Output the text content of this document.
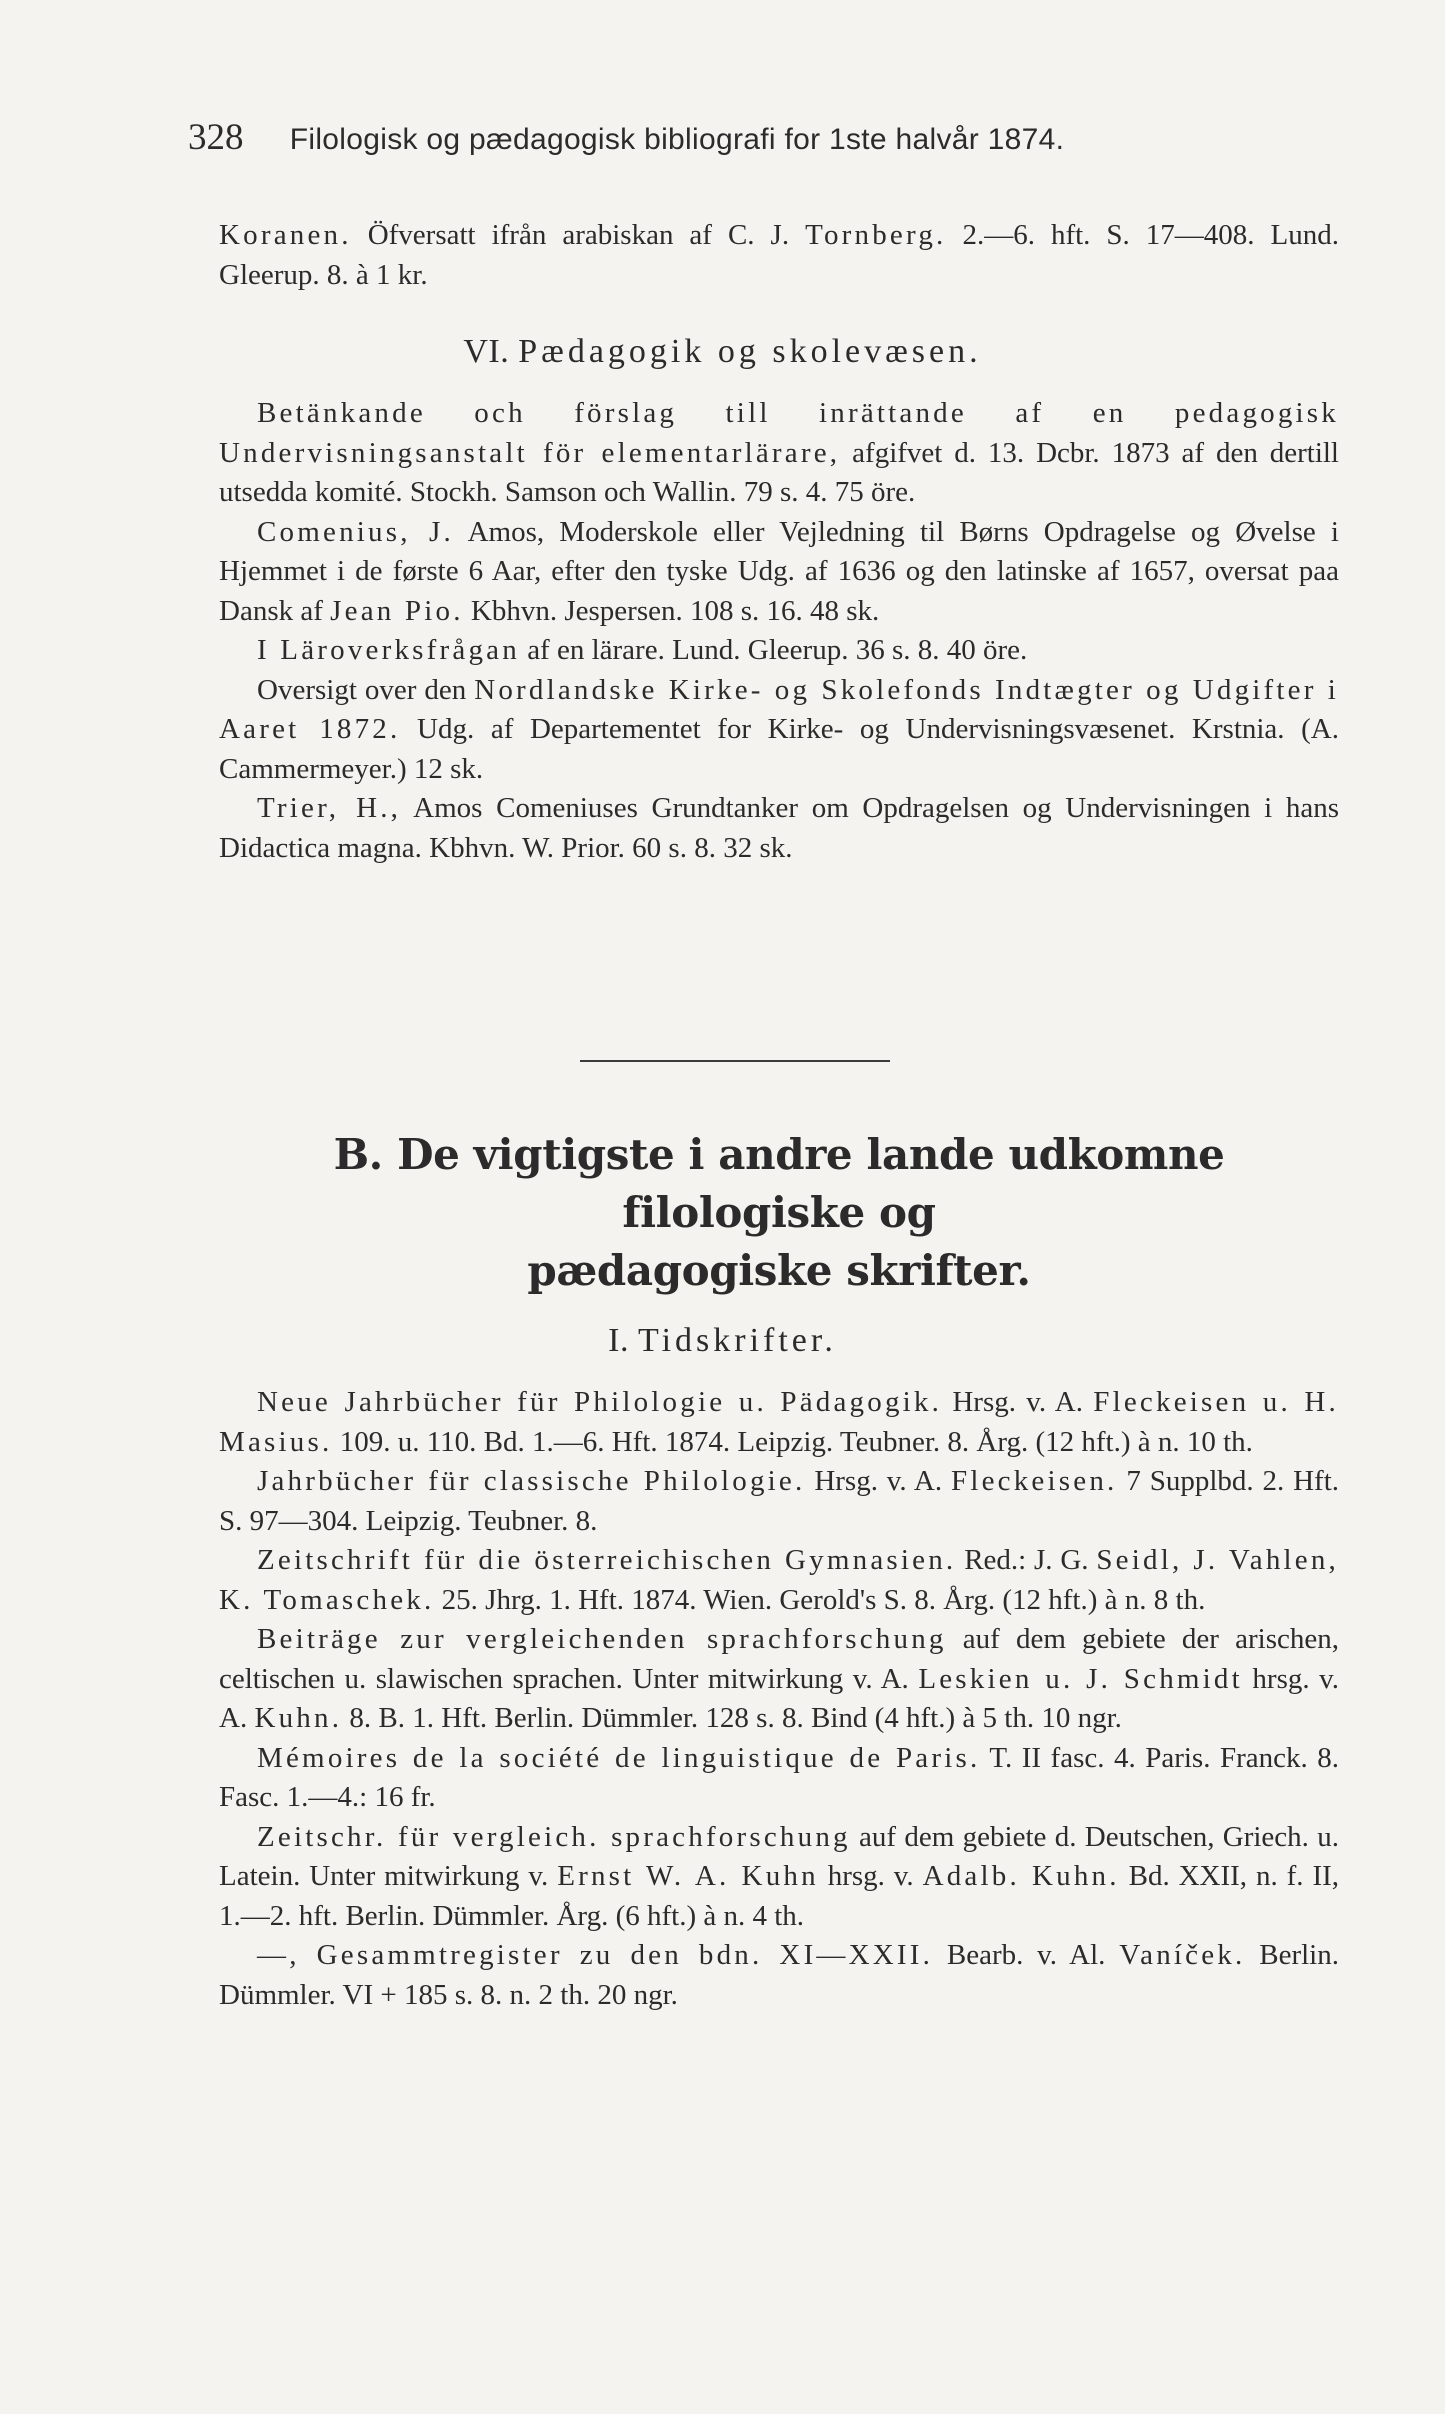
328 Filologisk og pædagogisk bibliografi for 1ste halvår 1874.

Koranen. Öfversatt ifrån arabiskan af C. J. Tornberg. 2.—6. hft. S. 17—408. Lund. Gleerup. 8. à 1 kr.

VI. Pædagogik og skolevæsen.

Betänkande och förslag till inrättande af en pedagogisk Undervisningsanstalt för elementarlärare, afgifvet d. 13. Dcbr. 1873 af den dertill utsedda komité. Stockh. Samson och Wallin. 79 s. 4. 75 öre.

Comenius, J. Amos, Moderskole eller Vejledning til Børns Opdragelse og Øvelse i Hjemmet i de første 6 Aar, efter den tyske Udg. af 1636 og den latinske af 1657, oversat paa Dansk af Jean Pio. Kbhvn. Jespersen. 108 s. 16. 48 sk.

I Läroverksfrågan af en lärare. Lund. Gleerup. 36 s. 8. 40 öre.

Oversigt over den Nordlandske Kirke- og Skolefonds Indtægter og Udgifter i Aaret 1872. Udg. af Departementet for Kirke- og Undervisningsvæsenet. Krstnia. (A. Cammermeyer.) 12 sk.

Trier, H., Amos Comeniuses Grundtanker om Opdragelsen og Undervisningen i hans Didactica magna. Kbhvn. W. Prior. 60 s. 8. 32 sk.

B. De vigtigste i andre lande udkomne filologiske og
pædagogiske skrifter.
I. Tidskrifter.

Neue Jahrbücher für Philologie u. Pädagogik. Hrsg. v. A. Fleckeisen u. H. Masius. 109. u. 110. Bd. 1.—6. Hft. 1874. Leipzig. Teubner. 8. Årg. (12 hft.) à n. 10 th.

Jahrbücher für classische Philologie. Hrsg. v. A. Fleckeisen. 7 Supplbd. 2. Hft. S. 97—304. Leipzig. Teubner. 8.

Zeitschrift für die österreichischen Gymnasien. Red.: J. G. Seidl, J. Vahlen, K. Tomaschek. 25. Jhrg. 1. Hft. 1874. Wien. Gerold's S. 8. Årg. (12 hft.) à n. 8 th.

Beiträge zur vergleichenden sprachforschung auf dem gebiete der arischen, celtischen u. slawischen sprachen. Unter mitwirkung v. A. Leskien u. J. Schmidt hrsg. v. A. Kuhn. 8. B. 1. Hft. Berlin. Dümmler. 128 s. 8. Bind (4 hft.) à 5 th. 10 ngr.

Mémoires de la société de linguistique de Paris. T. II fasc. 4. Paris. Franck. 8. Fasc. 1.—4.: 16 fr.

Zeitschr. für vergleich. sprachforschung auf dem gebiete d. Deutschen, Griech. u. Latein. Unter mitwirkung v. Ernst W. A. Kuhn hrsg. v. Adalb. Kuhn. Bd. XXII, n. f. II, 1.—2. hft. Berlin. Dümmler. Årg. (6 hft.) à n. 4 th.

—, Gesammtregister zu den bdn. XI—XXII. Bearb. v. Al. Vaníček. Berlin. Dümmler. VI + 185 s. 8. n. 2 th. 20 ngr.
